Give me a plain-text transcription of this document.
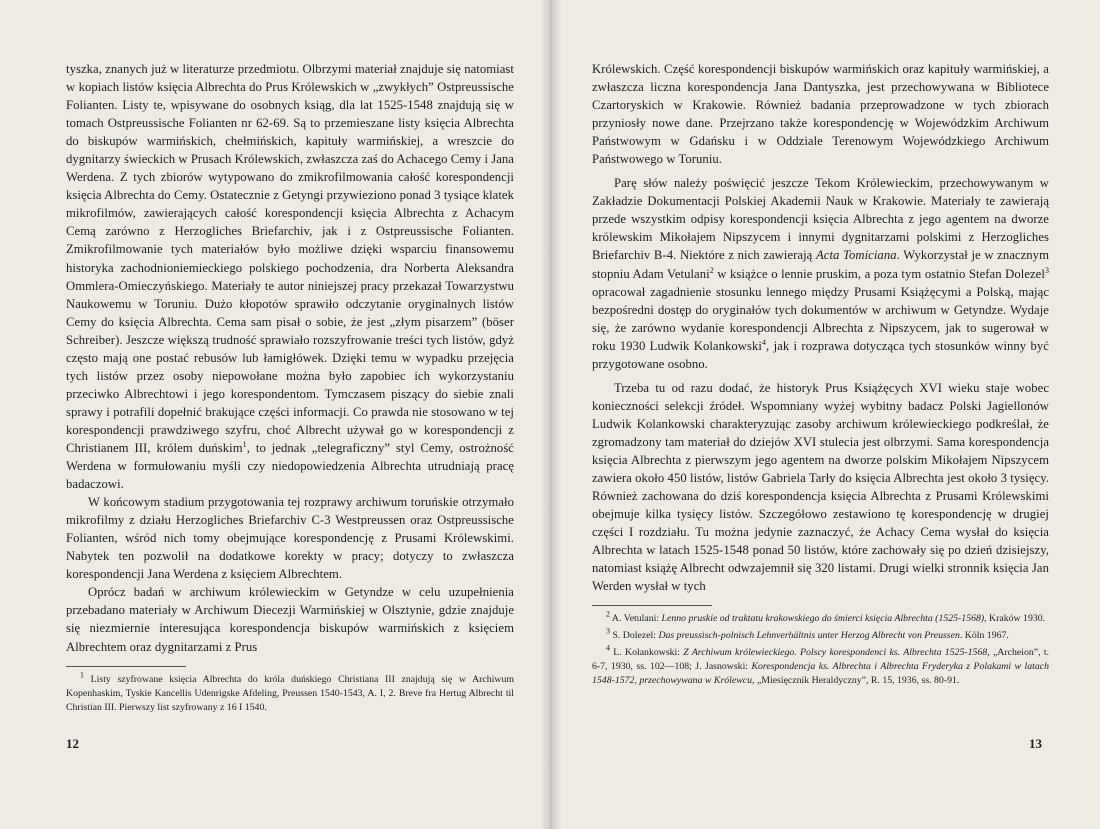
tyszka, znanych już w literaturze przedmiotu. Olbrzymi materiał znajduje się natomiast w kopiach listów księcia Albrechta do Prus Królewskich w „zwykłych” Ostpreussische Folianten. Listy te, wpisywane do osobnych ksiąg, dla lat 1525-1548 znajdują się w tomach Ostpreussische Folianten nr 62-69. Są to przemieszane listy księcia Albrechta do biskupów warmińskich, chełmińskich, kapituły warmińskiej, a wreszcie do dygnitarzy świeckich w Prusach Królewskich, zwłaszcza zaś do Achacego Cemy i Jana Werdena. Z tych zbiorów wytypowano do zmikrofilmowania całość korespondencji księcia Albrechta do Cemy. Ostatecznie z Getyngi przywieziono ponad 3 tysiące klatek mikrofilmów, zawierających całość korespondencji księcia Albrechta z Achacym Cemą zarówno z Herzogliches Briefarchiv, jak i z Ostpreussische Folianten. Zmikrofilmowanie tych materiałów było możliwe dzięki wsparciu finansowemu historyka zachodnioniemieckiego polskiego pochodzenia, dra Norberta Aleksandra Ommlera-Omieczyńskiego. Materiały te autor niniejszej pracy przekazał Towarzystwu Naukowemu w Toruniu. Dużo kłopotów sprawiło odczytanie oryginalnych listów Cemy do księcia Albrechta. Cema sam pisał o sobie, że jest „złym pisarzem” (böser Schreiber). Jeszcze większą trudność sprawiało rozszyfrowanie treści tych listów, gdyż często mają one postać rebusów lub łamigłówek. Dzięki temu w wypadku przejęcia tych listów przez osoby niepowołane można było zapobiec ich wykorzystaniu przeciwko Albrechtowi i jego korespondentom. Tymczasem piszący do siebie znali sprawy i potrafili dopełnić brakujące części informacji. Co prawda nie stosowano w tej korespondencji prawdziwego szyfru, choć Albrecht używał go w korespondencji z Christianem III, królem duńskim$^1$, to jednak „telegraficzny” styl Cemy, ostrożność Werdena w formułowaniu myśli czy niedopowiedzenia Albrechta utrudniają pracę badaczowi.

W końcowym stadium przygotowania tej rozprawy archiwum toruńskie otrzymało mikrofilmy z działu Herzogliches Briefarchiv C-3 Westpreussen oraz Ostpreussische Folianten, wśród nich tomy obejmujące korespondencję z Prusami Królewskimi. Nabytek ten pozwolił na dodatkowe korekty w pracy; dotyczy to zwłaszcza korespondencji Jana Werdena z księciem Albrechtem.

Oprócz badań w archiwum królewieckim w Getyndze w celu uzupełnienia przebadano materiały w Archiwum Diecezji Warmińskiej w Olsztynie, gdzie znajduje się niezmiernie interesująca korespondencja biskupów warmińskich z księciem Albrechtem oraz dygnitarzami z Prus

$^1$ Listy szyfrowane księcia Albrechta do króla duńskiego Christiana III znajdują się w Archiwum Kopenhaskim, Tyskie Kancellis Udenrigske Afdeling, Preussen 1540-1543, A. I, 2. Breve fra Hertug Albrecht til Christian III. Pierwszy list szyfrowany z 16 I 1540.

12

Królewskich. Część korespondencji biskupów warmińskich oraz kapituły warmińskiej, a zwłaszcza liczna korespondencja Jana Dantyszka, jest przechowywana w Bibliotece Czartoryskich w Krakowie. Również badania przeprowadzone w tych zbiorach przyniosły nowe dane. Przejrzano także korespondencję w Wojewódzkim Archiwum Państwowym w Gdańsku i w Oddziale Terenowym Wojewódzkiego Archiwum Państwowego w Toruniu.

Parę słów należy poświęcić jeszcze Tekom Królewieckim, przechowywanym w Zakładzie Dokumentacji Polskiej Akademii Nauk w Krakowie. Materiały te zawierają przede wszystkim odpisy korespondencji księcia Albrechta z jego agentem na dworze królewskim Mikołajem Nipszycem i innymi dygnitarzami polskimi z Herzogliches Briefarchiv B-4. Niektóre z nich zawierają Acta Tomiciana. Wykorzystał je w znacznym stopniu Adam Vetulani$^2$ w książce o lennie pruskim, a poza tym ostatnio Stefan Dolezel$^3$ opracował zagadnienie stosunku lennego między Prusami Książęcymi a Polską, mając bezpośredni dostęp do oryginałów tych dokumentów w archiwum w Getyndze. Wydaje się, że zarówno wydanie korespondencji Albrechta z Nipszycem, jak to sugerował w roku 1930 Ludwik Kolankowski$^4$, jak i rozprawa dotycząca tych stosunków winny być przygotowane osobno.

Trzeba tu od razu dodać, że historyk Prus Książęcych XVI wieku staje wobec konieczności selekcji źródeł. Wspomniany wyżej wybitny badacz Polski Jagiellonów Ludwik Kolankowski charakteryzując zasoby archiwum królewieckiego podkreślał, że zgromadzony tam materiał do dziejów XVI stulecia jest olbrzymi. Sama korespondencja księcia Albrechta z pierwszym jego agentem na dworze polskim Mikołajem Nipszycem zawiera około 450 listów, listów Gabriela Tarły do księcia Albrechta jest około 3 tysięcy. Również zachowana do dziś korespondencja księcia Albrechta z Prusami Królewskimi obejmuje kilka tysięcy listów. Szczegółowo zestawiono tę korespondencję w drugiej części I rozdziału. Tu można jedynie zaznaczyć, że Achacy Cema wysłał do księcia Albrechta w latach 1525-1548 ponad 50 listów, które zachowały się po dzień dzisiejszy, natomiast książę Albrecht odwzajemnił się 320 listami. Drugi wielki stronnik księcia Jan Werden wysłał w tych

$^2$ A. Vetulani: Lenno pruskie od traktatu krakowskiego do śmierci księcia Albrechta (1525-1568), Kraków 1930.

$^3$ S. Dolezel: Das preussisch-polnisch Lehnverhältnis unter Herzog Albrecht von Preussen. Köln 1967.

$^4$ L. Kolankowski: Z Archiwum królewieckiego. Polscy korespondenci ks. Albrechta 1525-1568, „Archeion”, t. 6-7, 1930, ss. 102—108; J. Jasnowski: Korespondencja ks. Albrechta i Albrechta Fryderyka z Polakami w latach 1548-1572, przechowywana w Królewcu, „Miesięcznik Heraldyczny”, R. 15, 1936, ss. 80-91.

13
